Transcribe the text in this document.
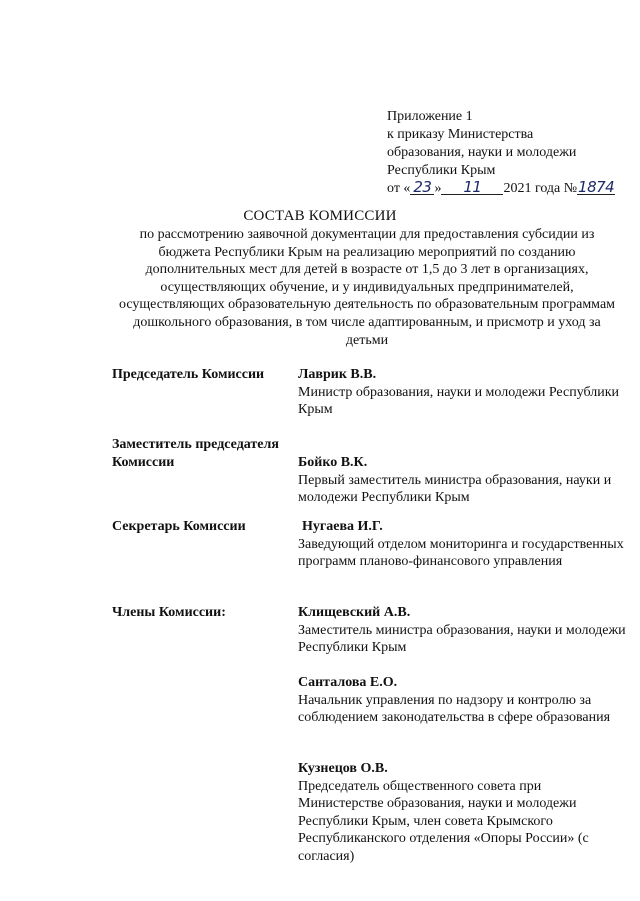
Приложение 1
к приказу Министерства
образования, науки и молодежи
Республики Крым
от « 23 » 11 2021 года №1874
СОСТАВ КОМИССИИ
по рассмотрению заявочной документации для предоставления субсидии из бюджета Республики Крым на реализацию мероприятий по созданию дополнительных мест для детей в возрасте от 1,5 до 3 лет в организациях, осуществляющих обучение, и у индивидуальных предпринимателей, осуществляющих образовательную деятельность по образовательным программам дошкольного образования, в том числе адаптированным, и присмотр и уход за детьми
Председатель Комиссии	Лаврик В.В.
Министр образования, науки и молодежи Республики Крым
Заместитель председателя Комиссии	Бойко В.К.
Первый заместитель министра образования, науки и молодежи Республики Крым
Секретарь Комиссии	Нугаева И.Г.
Заведующий отделом мониторинга и государственных программ планово-финансового управления
Члены Комиссии:	Клищевский А.В.
Заместитель министра образования, науки и молодежи Республики Крым
Санталова Е.О.
Начальник управления по надзору и контролю за соблюдением законодательства в сфере образования
Кузнецов О.В.
Председатель общественного совета при Министерстве образования, науки и молодежи Республики Крым, член совета Крымского Республиканского отделения «Опоры России» (с согласия)
